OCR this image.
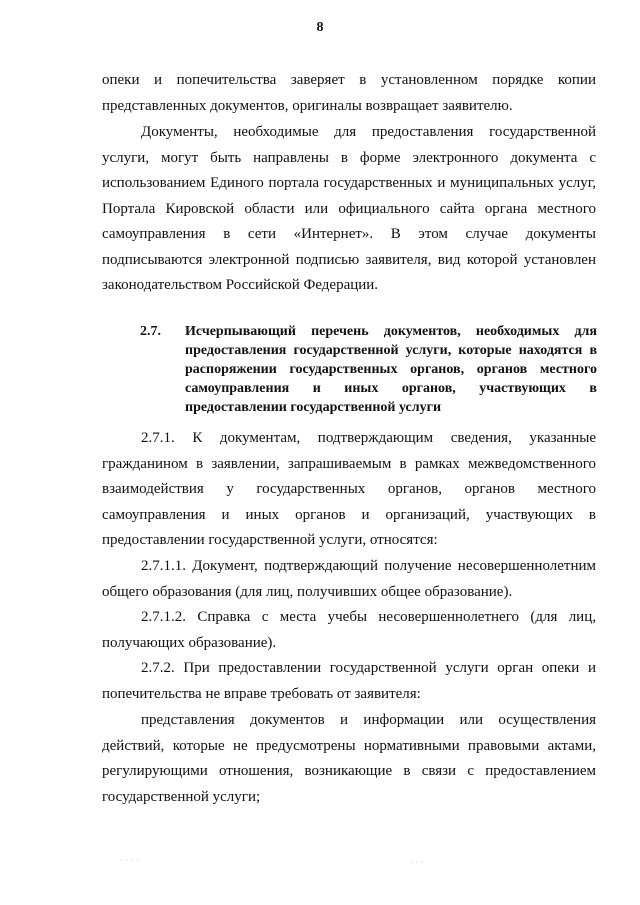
8

опеки и попечительства заверяет в установленном порядке копии представленных документов, оригиналы возвращает заявителю.

Документы, необходимые для предоставления государственной услуги, могут быть направлены в форме электронного документа с использованием Единого портала государственных и муниципальных услуг, Портала Кировской области или официального сайта органа местного самоуправления в сети «Интернет». В этом случае документы подписываются электронной подписью заявителя, вид которой установлен законодательством Российской Федерации.

2.7. Исчерпывающий перечень документов, необходимых для предоставления государственной услуги, которые находятся в распоряжении государственных органов, органов местного самоуправления и иных органов, участвующих в предоставлении государственной услуги

2.7.1. К документам, подтверждающим сведения, указанные гражданином в заявлении, запрашиваемым в рамках межведомственного взаимодействия у государственных органов, органов местного самоуправления и иных органов и организаций, участвующих в предоставлении государственной услуги, относятся:

2.7.1.1. Документ, подтверждающий получение несовершеннолетним общего образования (для лиц, получивших общее образование).

2.7.1.2. Справка с места учебы несовершеннолетнего (для лиц, получающих образование).

2.7.2. При предоставлении государственной услуги орган опеки и попечительства не вправе требовать от заявителя:

представления документов и информации или осуществления действий, которые не предусмотрены нормативными правовыми актами, регулирующими отношения, возникающие в связи с предоставлением государственной услуги;

· · · ·	· · ·
